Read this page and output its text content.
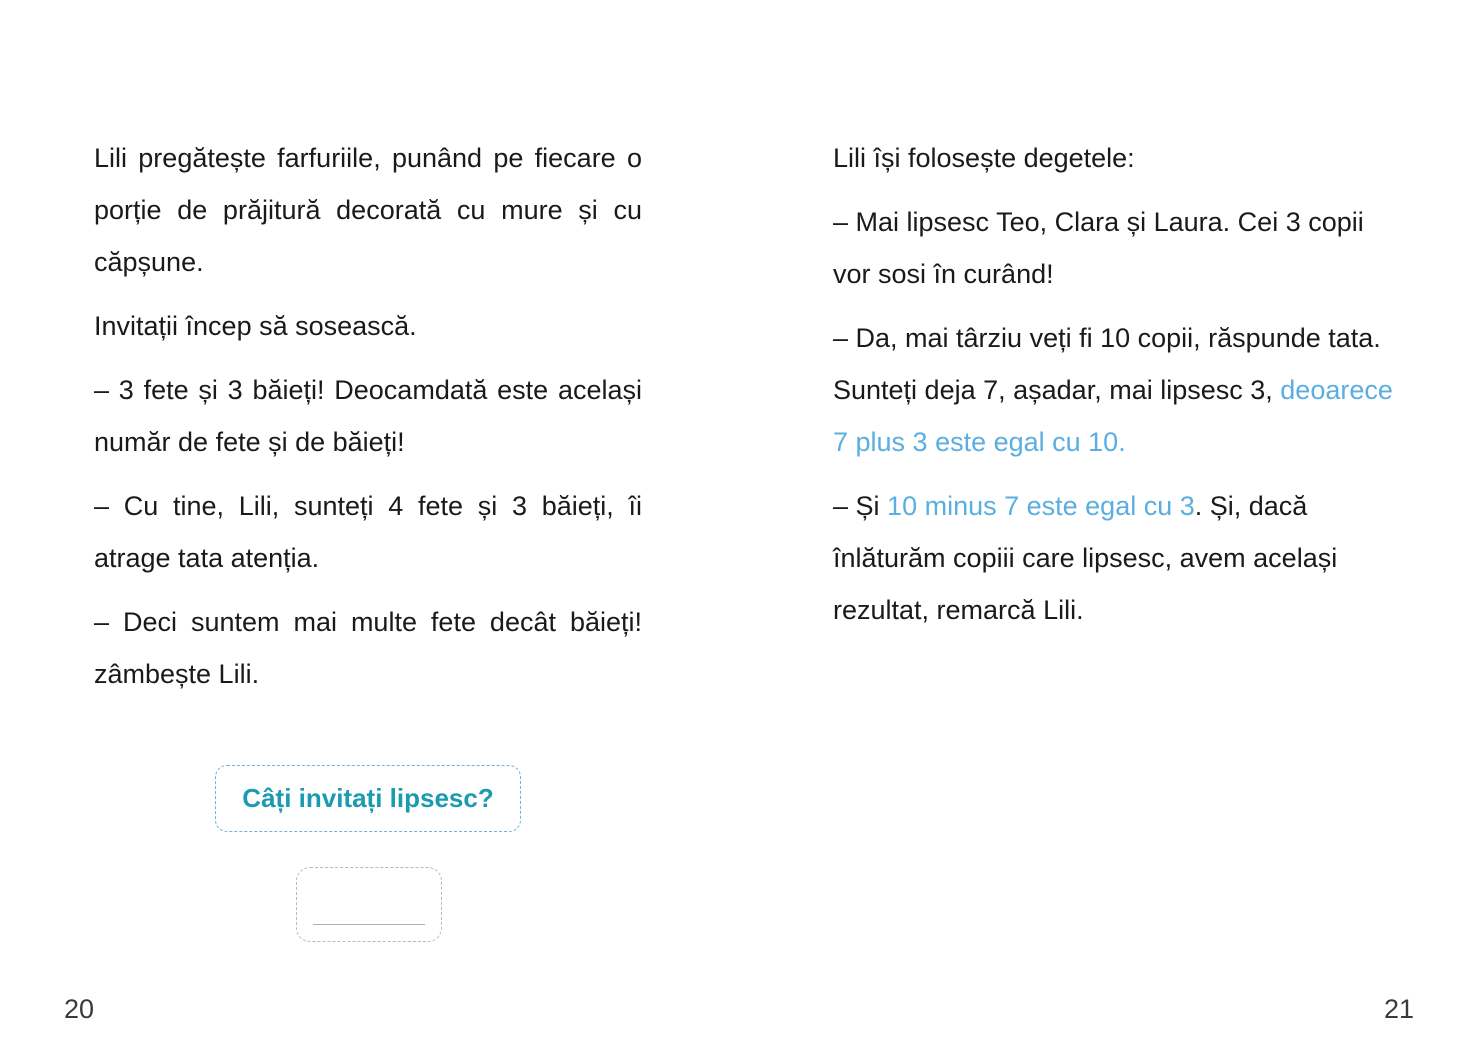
Lili pregătește farfuriile, punând pe fiecare o porție de prăjitură decorată cu mure și cu căpșune.

Invitații încep să sosească.

– 3 fete și 3 băieți! Deocamdată este același număr de fete și de băieți!

– Cu tine, Lili, sunteți 4 fete și 3 băieți, îi atrage tata atenția.

– Deci suntem mai multe fete decât băieți! zâmbește Lili.

Câți invitați lipsesc?
20

Lili își folosește degetele:

– Mai lipsesc Teo, Clara și Laura. Cei 3 copii vor sosi în curând!

– Da, mai târziu veți fi 10 copii, răspunde tata. Sunteți deja 7, așadar, mai lipsesc 3, deoarece 7 plus 3 este egal cu 10.

– Și 10 minus 7 este egal cu 3. Și, dacă înlăturăm copiii care lipsesc, avem același rezultat, remarcă Lili.

21
